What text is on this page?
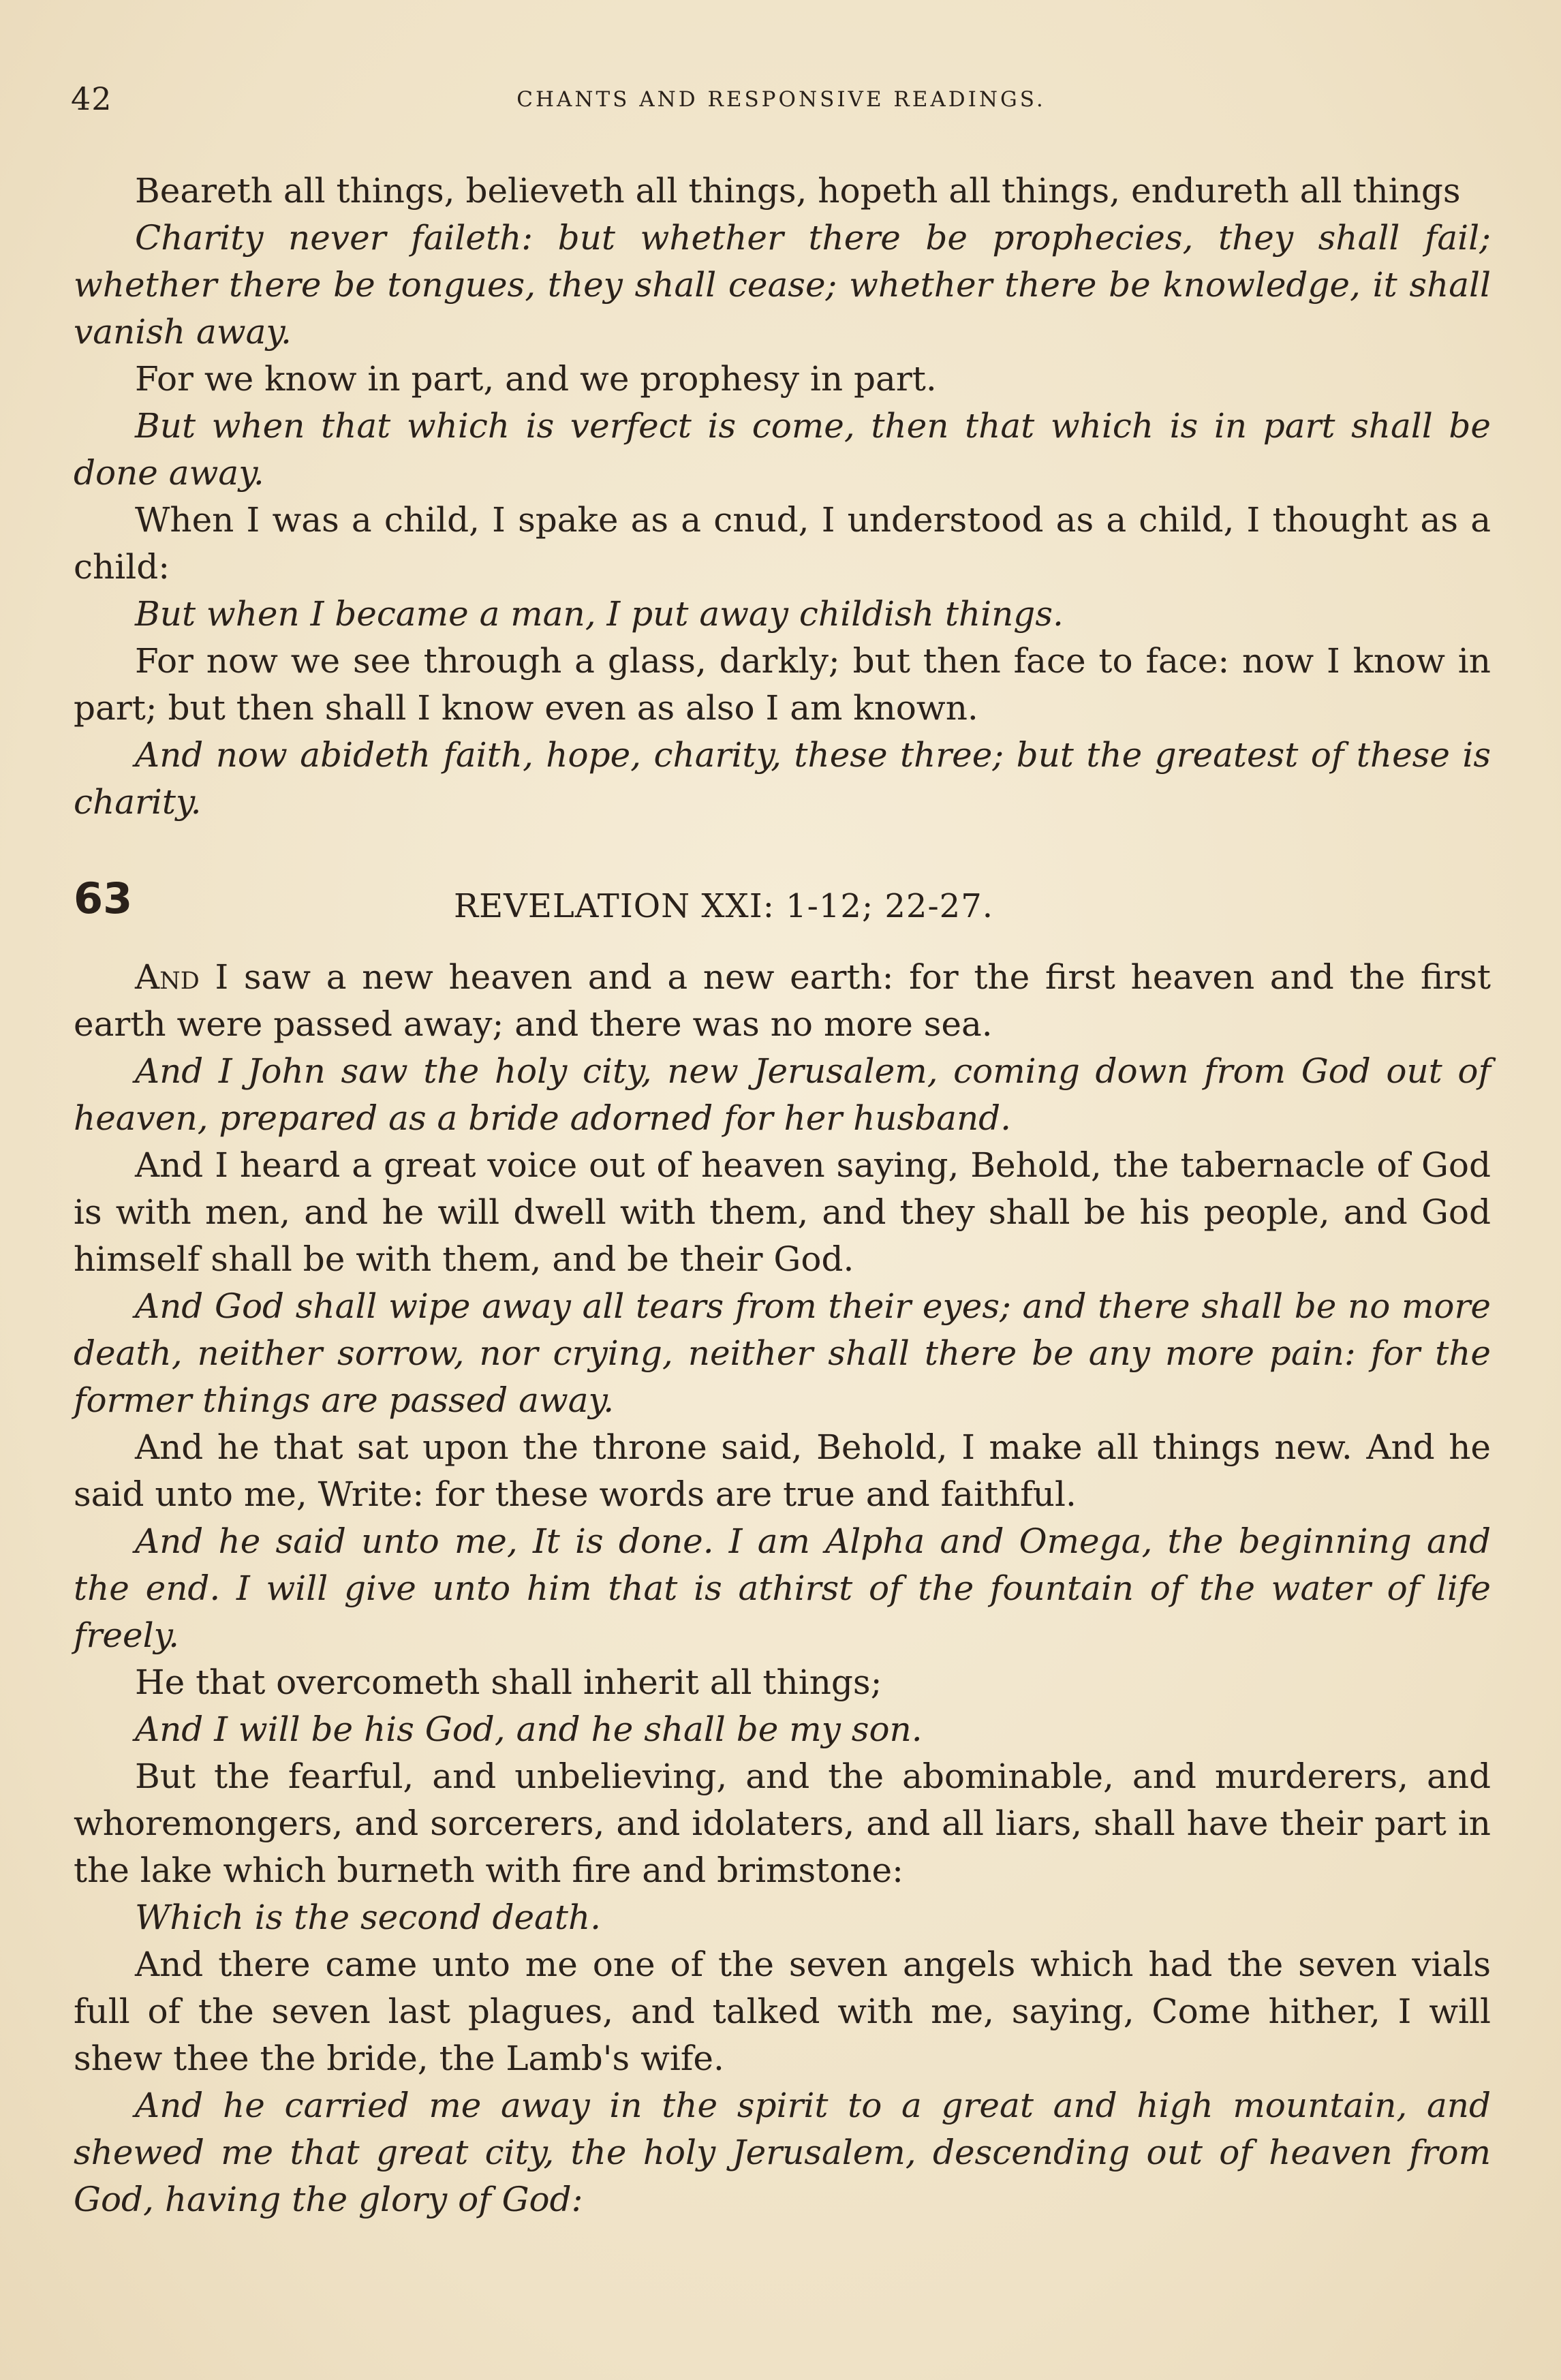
42	CHANTS AND RESPONSIVE READINGS.

Beareth all things, believeth all things, hopeth all things, endureth all things

Charity never faileth: but whether there be prophecies, they shall fail; whether there be tongues, they shall cease; whether there be knowledge, it shall vanish away.

For we know in part, and we prophesy in part.

But when that which is verfect is come, then that which is in part shall be done away.

When I was a child, I spake as a cnud, I understood as a child, I thought as a child:

But when I became a man, I put away childish things.

For now we see through a glass, darkly; but then face to face: now I know in part; but then shall I know even as also I am known.

And now abideth faith, hope, charity, these three; but the greatest of these is charity.

63	REVELATION XXI: 1-12; 22-27.

And I saw a new heaven and a new earth: for the first heaven and the first earth were passed away; and there was no more sea.

And I John saw the holy city, new Jerusalem, coming down from God out of heaven, prepared as a bride adorned for her husband.

And I heard a great voice out of heaven saying, Behold, the tabernacle of God is with men, and he will dwell with them, and they shall be his people, and God himself shall be with them, and be their God.

And God shall wipe away all tears from their eyes; and there shall be no more death, neither sorrow, nor crying, neither shall there be any more pain: for the former things are passed away.

And he that sat upon the throne said, Behold, I make all things new. And he said unto me, Write: for these words are true and faithful.

And he said unto me, It is done. I am Alpha and Omega, the beginning and the end. I will give unto him that is athirst of the fountain of the water of life freely.

He that overcometh shall inherit all things;

And I will be his God, and he shall be my son.

But the fearful, and unbelieving, and the abominable, and murderers, and whoremongers, and sorcerers, and idolaters, and all liars, shall have their part in the lake which burneth with fire and brimstone:

Which is the second death.

And there came unto me one of the seven angels which had the seven vials full of the seven last plagues, and talked with me, saying, Come hither, I will shew thee the bride, the Lamb's wife.

And he carried me away in the spirit to a great and high mountain, and shewed me that great city, the holy Jerusalem, descending out of heaven from God, having the glory of God:
